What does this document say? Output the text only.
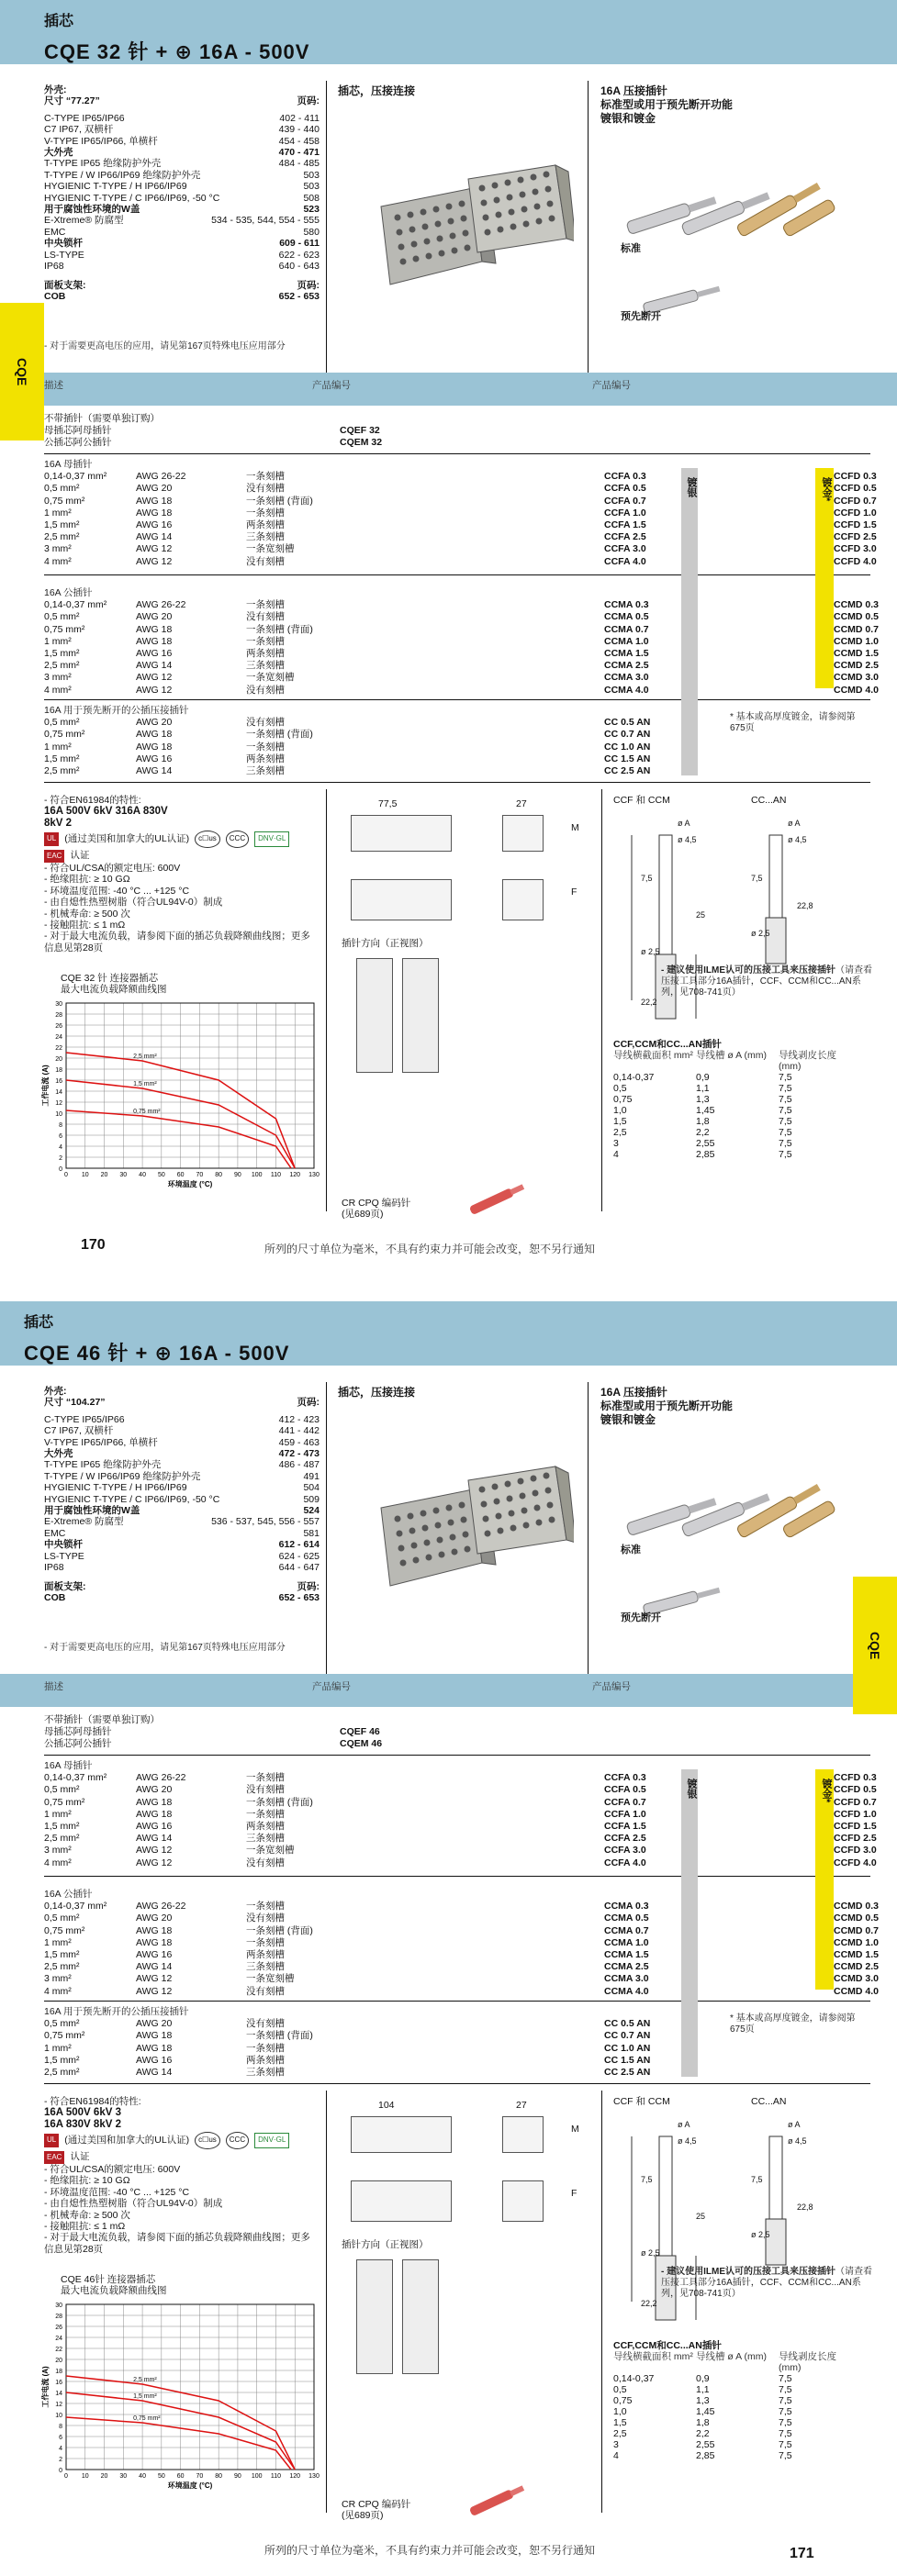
插芯
CQE 32 针 + ⊕ 16A - 500V
外壳:
尺寸 “77.27”	页码:
C-TYPE IP65/IP66	402 - 411
C7 IP67, 双横杆	439 - 440
V-TYPE IP65/IP66, 单横杆	454 - 458
大外壳	470 - 471
T-TYPE IP65 绝缘防护外壳	484 - 485
T-TYPE / W IP66/IP69 绝缘防护外壳	503
HYGIENIC T-TYPE / H IP66/IP69	503
HYGIENIC T-TYPE / C IP66/IP69, -50 °C	508
用于腐蚀性环境的W盖	523
E-Xtreme® 防腐型	534 - 535, 544, 554 - 555
EMC	580
中央锁杆	609 - 611
LS-TYPE	622 - 623
IP68	640 - 643
面板支架:	页码:
COB	652 - 653
- 对于需要更高电压的应用，请见第167页特殊电压应用部分
插芯，压接连接	16A 压接插针
标准型或用于预先断开功能
镀银和镀金
标准
预先断开
描述	产品编号	产品编号
不带插针（需要单独订购）
母插芯阿母插针	CQEF 32
公插芯阿公插针	CQEM 32
16A 母插针
0,14-0,37 mm²	AWG 26-22	一条刻槽	CCFA 0.3	CCFD 0.3
0,5 mm²	AWG 20	没有刻槽	CCFA 0.5	CCFD 0.5
0,75 mm²	AWG 18	一条刻槽 (背面)	CCFA 0.7	CCFD 0.7
1 mm²	AWG 18	一条刻槽	CCFA 1.0	CCFD 1.0
1,5 mm²	AWG 16	两条刻槽	CCFA 1.5	CCFD 1.5
2,5 mm²	AWG 14	三条刻槽	CCFA 2.5	CCFD 2.5
3 mm²	AWG 12	一条宽刻槽	CCFA 3.0	CCFD 3.0
4 mm²	AWG 12	没有刻槽	CCFA 4.0	CCFD 4.0
16A 公插针
0,14-0,37 mm²	AWG 26-22	一条刻槽	CCMA 0.3	CCMD 0.3
0,5 mm²	AWG 20	没有刻槽	CCMA 0.5	CCMD 0.5
0,75 mm²	AWG 18	一条刻槽 (背面)	CCMA 0.7	CCMD 0.7
1 mm²	AWG 18	一条刻槽	CCMA 1.0	CCMD 1.0
1,5 mm²	AWG 16	两条刻槽	CCMA 1.5	CCMD 1.5
2,5 mm²	AWG 14	三条刻槽	CCMA 2.5	CCMD 2.5
3 mm²	AWG 12	一条宽刻槽	CCMA 3.0	CCMD 3.0
4 mm²	AWG 12	没有刻槽	CCMA 4.0	CCMD 4.0
16A 用于预先断开的公插压接插针
0,5 mm²	AWG 20	没有刻槽	CC 0.5 AN
0,75 mm²	AWG 18	一条刻槽 (背面)	CC 0.7 AN
1 mm²	AWG 18	一条刻槽	CC 1.0 AN
1,5 mm²	AWG 16	两条刻槽	CC 1.5 AN
2,5 mm²	AWG 14	三条刻槽	CC 2.5 AN
镀银	镀金*
* 基本或高厚度镀金，请参阅第675页
- 符合EN61984的特性:
16A 500V 6kV 316A 830V
8kV 2
UL (通过美国和加拿大的UL认证)	c☐us	CCC	DNV·GL
EAC 认证
- 符合UL/CSA的额定电压: 600V
- 绝缘阻抗: ≥ 10 GΩ
- 环境温度范围: -40 °C ... +125 °C
- 由自熄性热塑树脂（符合UL94V-0）制成
- 机械寿命: ≥ 500 次
- 接触阻抗: ≤ 1 mΩ
- 对于最大电流负载，请参阅下面的插芯负载降额曲线图；更多信息见第28页
CQE 32 针 连接器插芯
最大电流负载降额曲线图
0
2
4
6
8
10
12
14
16
18
20
22
24
26
28
30
0 10 20 30 40 50 60 70 80 90 100 110 120 130
2,5 mm²
1,5 mm²
0,75 mm²
环境温度 (°C)
工作电流 (A)
77,5	27
M
F
插针方向（正视图）
CR CPQ 编码针
(见689页)
CCF 和 CCM	CC...AN
ø A
ø 4,5
7,5
25
ø 2,5
ø A
ø 4,5
7,5
22,8
ø 2,5
22,2
- 建议使用ILME认可的压接工具来压接插针（请查看压接工具部分16A插针，CCF、CCM和CC...AN系列，见708-741页）
CCF,CCM和CC...AN插针
导线横截面积 mm² 导线槽 ø A (mm)	导线剥皮长度 (mm)
0,14-0,37	0,9	7,5
0,5	1,1	7,5
0,75	1,3	7,5
1,0	1,45	7,5
1,5	1,8	7,5
2,5	2,2	7,5
3	2,55	7,5
4	2,85	7,5
所列的尺寸单位为毫米，不具有约束力并可能会改变，恕不另行通知
170
CQE
插芯
CQE 46 针 + ⊕ 16A - 500V
外壳:
尺寸 “104.27”	页码:
C-TYPE IP65/IP66	412 - 423
C7 IP67, 双横杆	441 - 442
V-TYPE IP65/IP66, 单横杆	459 - 463
大外壳	472 - 473
T-TYPE IP65 绝缘防护外壳	486 - 487
T-TYPE / W IP66/IP69 绝缘防护外壳	491
HYGIENIC T-TYPE / H IP66/IP69	504
HYGIENIC T-TYPE / C IP66/IP69, -50 °C	509
用于腐蚀性环境的W盖	524
E-Xtreme® 防腐型	536 - 537, 545, 556 - 557
EMC	581
中央锁杆	612 - 614
LS-TYPE	624 - 625
IP68	644 - 647
面板支架:	页码:
COB	652 - 653
- 对于需要更高电压的应用，请见第167页特殊电压应用部分
插芯，压接连接	16A 压接插针
标准型或用于预先断开功能
镀银和镀金
标准
预先断开
描述	产品编号	产品编号
不带插针（需要单独订购）
母插芯阿母插针	CQEF 46
公插芯阿公插针	CQEM 46
16A 母插针
0,14-0,37 mm²	AWG 26-22	一条刻槽	CCFA 0.3	CCFD 0.3
0,5 mm²	AWG 20	没有刻槽	CCFA 0.5	CCFD 0.5
0,75 mm²	AWG 18	一条刻槽 (背面)	CCFA 0.7	CCFD 0.7
1 mm²	AWG 18	一条刻槽	CCFA 1.0	CCFD 1.0
1,5 mm²	AWG 16	两条刻槽	CCFA 1.5	CCFD 1.5
2,5 mm²	AWG 14	三条刻槽	CCFA 2.5	CCFD 2.5
3 mm²	AWG 12	一条宽刻槽	CCFA 3.0	CCFD 3.0
4 mm²	AWG 12	没有刻槽	CCFA 4.0	CCFD 4.0
16A 公插针
0,14-0,37 mm²	AWG 26-22	一条刻槽	CCMA 0.3	CCMD 0.3
0,5 mm²	AWG 20	没有刻槽	CCMA 0.5	CCMD 0.5
0,75 mm²	AWG 18	一条刻槽 (背面)	CCMA 0.7	CCMD 0.7
1 mm²	AWG 18	一条刻槽	CCMA 1.0	CCMD 1.0
1,5 mm²	AWG 16	两条刻槽	CCMA 1.5	CCMD 1.5
2,5 mm²	AWG 14	三条刻槽	CCMA 2.5	CCMD 2.5
3 mm²	AWG 12	一条宽刻槽	CCMA 3.0	CCMD 3.0
4 mm²	AWG 12	没有刻槽	CCMA 4.0	CCMD 4.0
16A 用于预先断开的公插压接插针
0,5 mm²	AWG 20	没有刻槽	CC 0.5 AN
0,75 mm²	AWG 18	一条刻槽 (背面)	CC 0.7 AN
1 mm²	AWG 18	一条刻槽	CC 1.0 AN
1,5 mm²	AWG 16	两条刻槽	CC 1.5 AN
2,5 mm²	AWG 14	三条刻槽	CC 2.5 AN
镀银	镀金*
* 基本或高厚度镀金，请参阅第675页
- 符合EN61984的特性:
16A 500V 6kV 3
16A 830V 8kV 2
UL (通过美国和加拿大的UL认证)	c☐us	CCC	DNV·GL
EAC 认证
- 符合UL/CSA的额定电压: 600V
- 绝缘阻抗: ≥ 10 GΩ
- 环境温度范围: -40 °C ... +125 °C
- 由自熄性热塑树脂（符合UL94V-0）制成
- 机械寿命: ≥ 500 次
- 接触阻抗: ≤ 1 mΩ
- 对于最大电流负载，请参阅下面的插芯负载降额曲线图；更多信息见第28页
CQE 46针 连接器插芯
最大电流负载降额曲线图
0
2
4
6
8
10
12
14
16
18
20
22
24
26
28
30
0 10 20 30 40 50 60 70 80 90 100 110 120 130
2,5 mm²
1,5 mm²
0,75 mm²
环境温度 (°C)
工作电流 (A)
104	27
M
F
插针方向（正视图）
CR CPQ 编码针
(见689页)
CCF 和 CCM	CC...AN
ø A
ø 4,5
7,5
25
ø 2,5
ø A
ø 4,5
7,5
22,8
ø 2,5
22,2
- 建议使用ILME认可的压接工具来压接插针（请查看压接工具部分16A插针，CCF、CCM和CC...AN系列，见708-741页）
CCF,CCM和CC...AN插针
导线横截面积 mm² 导线槽 ø A (mm)	导线剥皮长度 (mm)
0,14-0,37	0,9	7,5
0,5	1,1	7,5
0,75	1,3	7,5
1,0	1,45	7,5
1,5	1,8	7,5
2,5	2,2	7,5
3	2,55	7,5
4	2,85	7,5
所列的尺寸单位为毫米，不具有约束力并可能会改变，恕不另行通知	171
CQE
